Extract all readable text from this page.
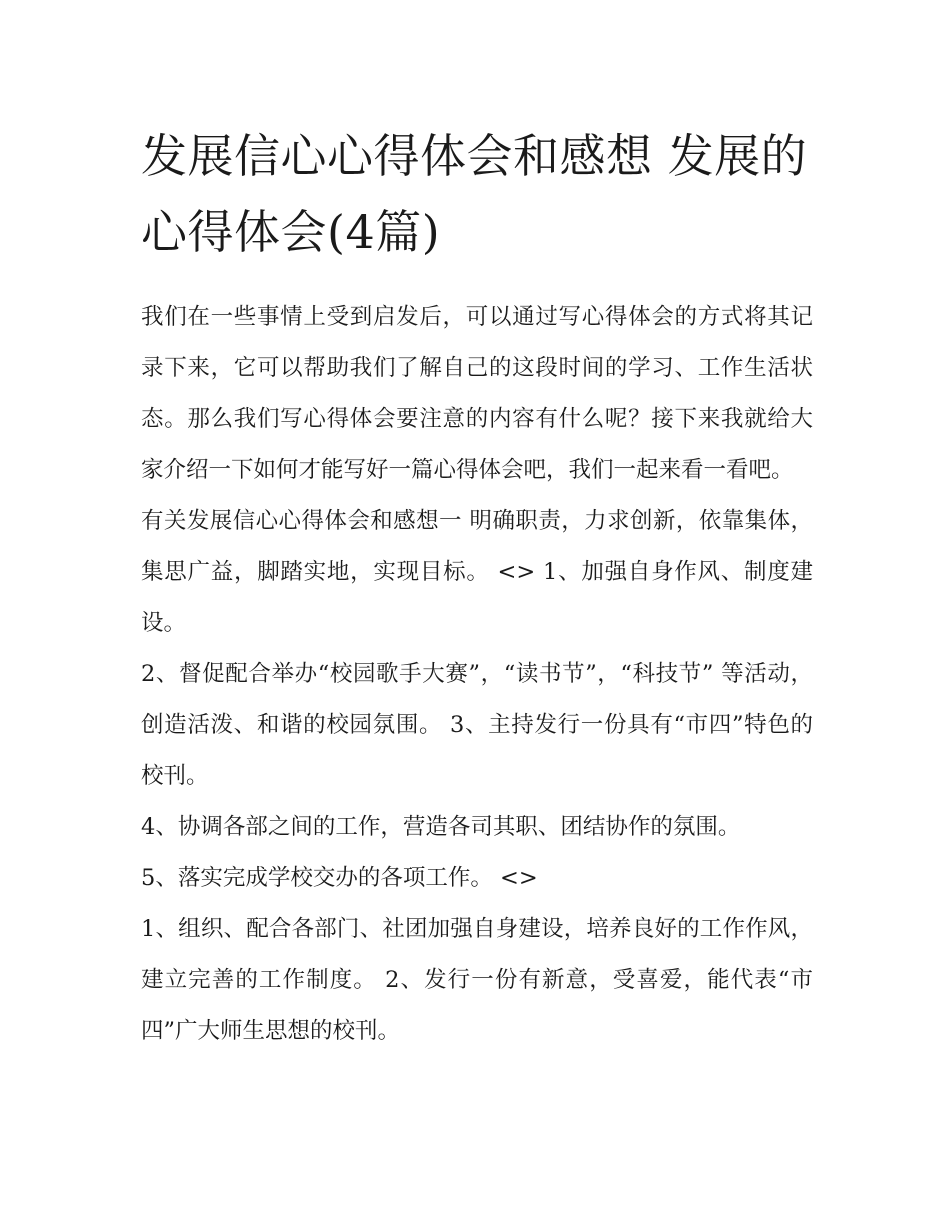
发展信心心得体会和感想 发展的心得体会(4篇)

我们在一些事情上受到启发后，可以通过写心得体会的方式将其记录下来，它可以帮助我们了解自己的这段时间的学习、工作生活状态。那么我们写心得体会要注意的内容有什么呢？接下来我就给大家介绍一下如何才能写好一篇心得体会吧，我们一起来看一看吧。

有关发展信心心得体会和感想一 明确职责，力求创新，依靠集体，集思广益，脚踏实地，实现目标。 <> 1、加强自身作风、制度建设。

2、督促配合举办“校园歌手大赛”，“读书节”，“科技节” 等活动，创造活泼、和谐的校园氛围。 3、主持发行一份具有“市四”特色的校刊。

4、协调各部之间的工作，营造各司其职、团结协作的氛围。

5、落实完成学校交办的各项工作。 <>

1、组织、配合各部门、社团加强自身建设，培养良好的工作作风，建立完善的工作制度。 2、发行一份有新意，受喜爱，能代表“市四”广大师生思想的校刊。
